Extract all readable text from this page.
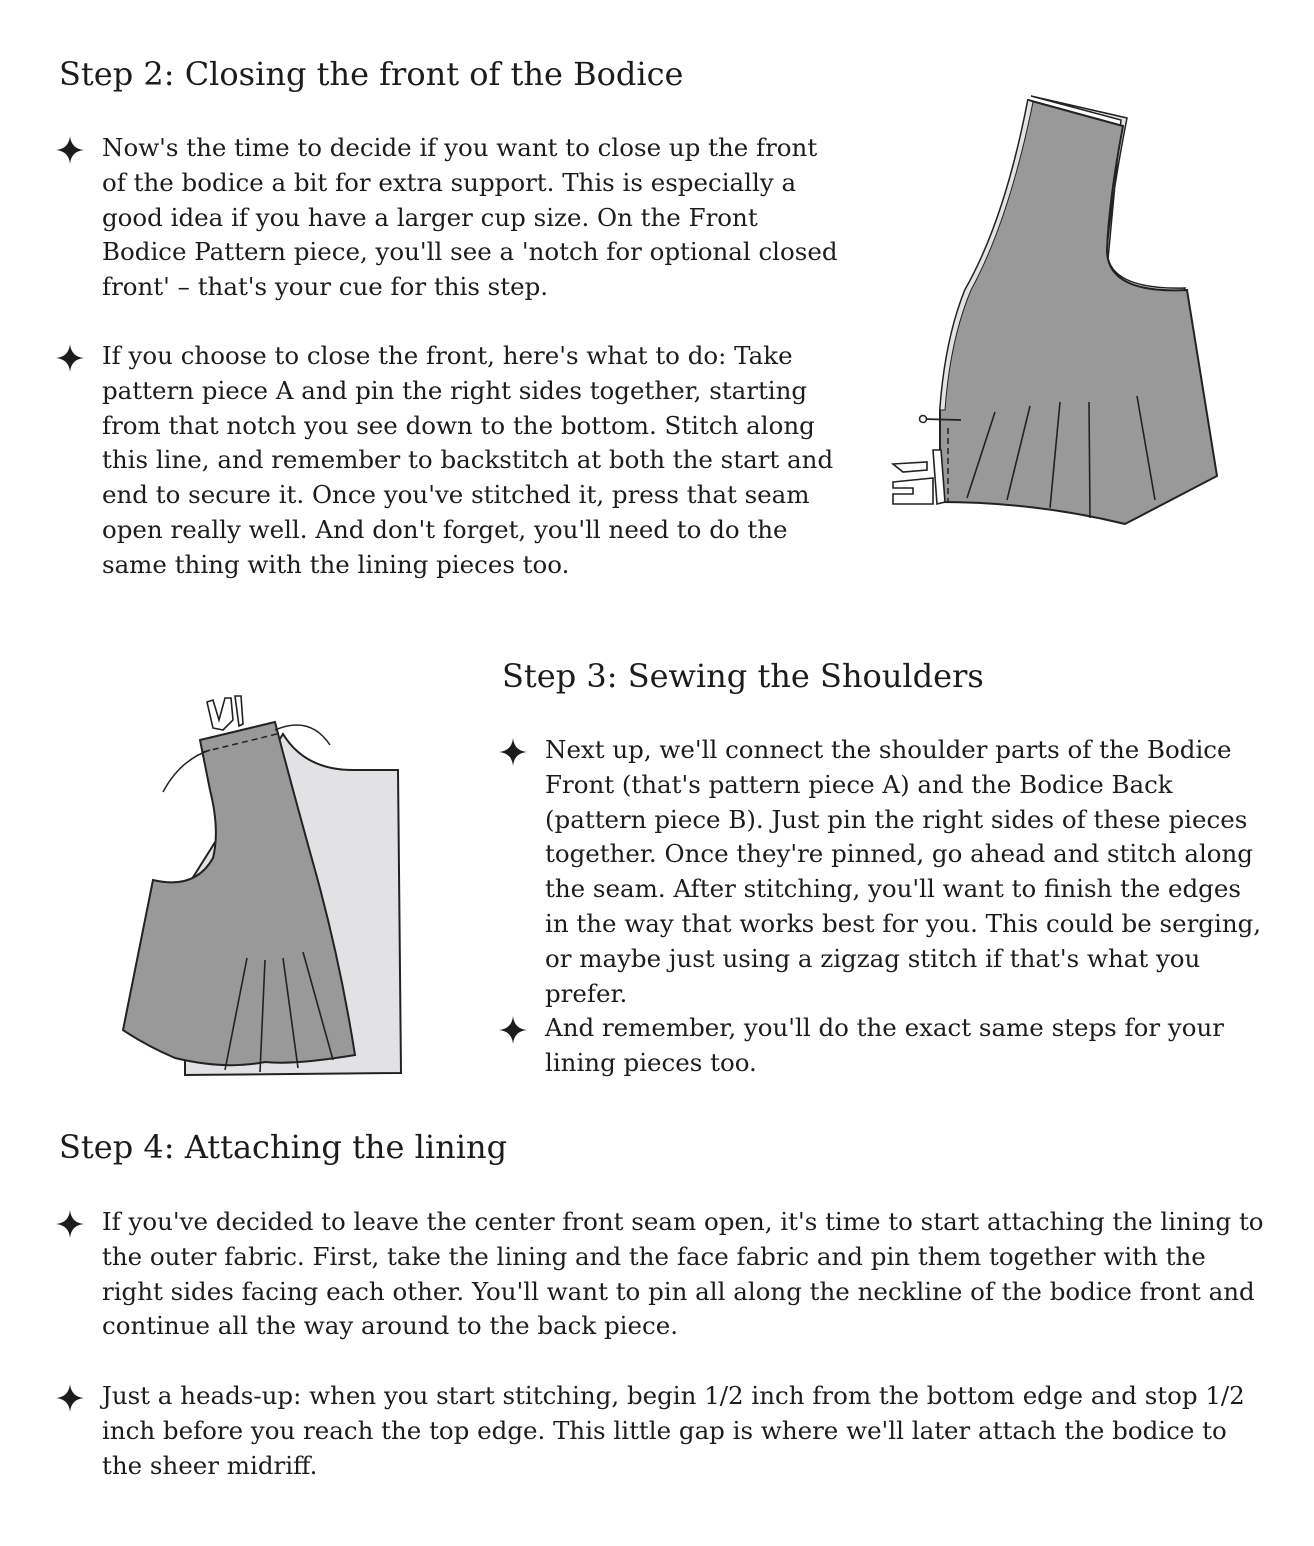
Step 2: Closing the front of the Bodice

Now's the time to decide if you want to close up the front of the bodice a bit for extra support. This is especially a good idea if you have a larger cup size. On the Front Bodice Pattern piece, you'll see a 'notch for optional closed front' – that's your cue for this step.

If you choose to close the front, here's what to do: Take pattern piece A and pin the right sides together, starting from that notch you see down to the bottom. Stitch along this line, and remember to backstitch at both the start and end to secure it. Once you've stitched it, press that seam open really well. And don't forget, you'll need to do the same thing with the lining pieces too.

Step 3: Sewing the Shoulders

Next up, we'll connect the shoulder parts of the Bodice Front (that's pattern piece A) and the Bodice Back (pattern piece B). Just pin the right sides of these pieces together. Once they're pinned, go ahead and stitch along the seam. After stitching, you'll want to finish the edges in the way that works best for you. This could be serging, or maybe just using a zigzag stitch if that's what you prefer.

And remember, you'll do the exact same steps for your lining pieces too.

Step 4: Attaching the lining

If you've decided to leave the center front seam open, it's time to start attaching the lining to the outer fabric. First, take the lining and the face fabric and pin them together with the right sides facing each other. You'll want to pin all along the neckline of the bodice front and continue all the way around to the back piece.

Just a heads-up: when you start stitching, begin 1/2 inch from the bottom edge and stop 1/2 inch before you reach the top edge. This little gap is where we'll later attach the bodice to the sheer midriff.
